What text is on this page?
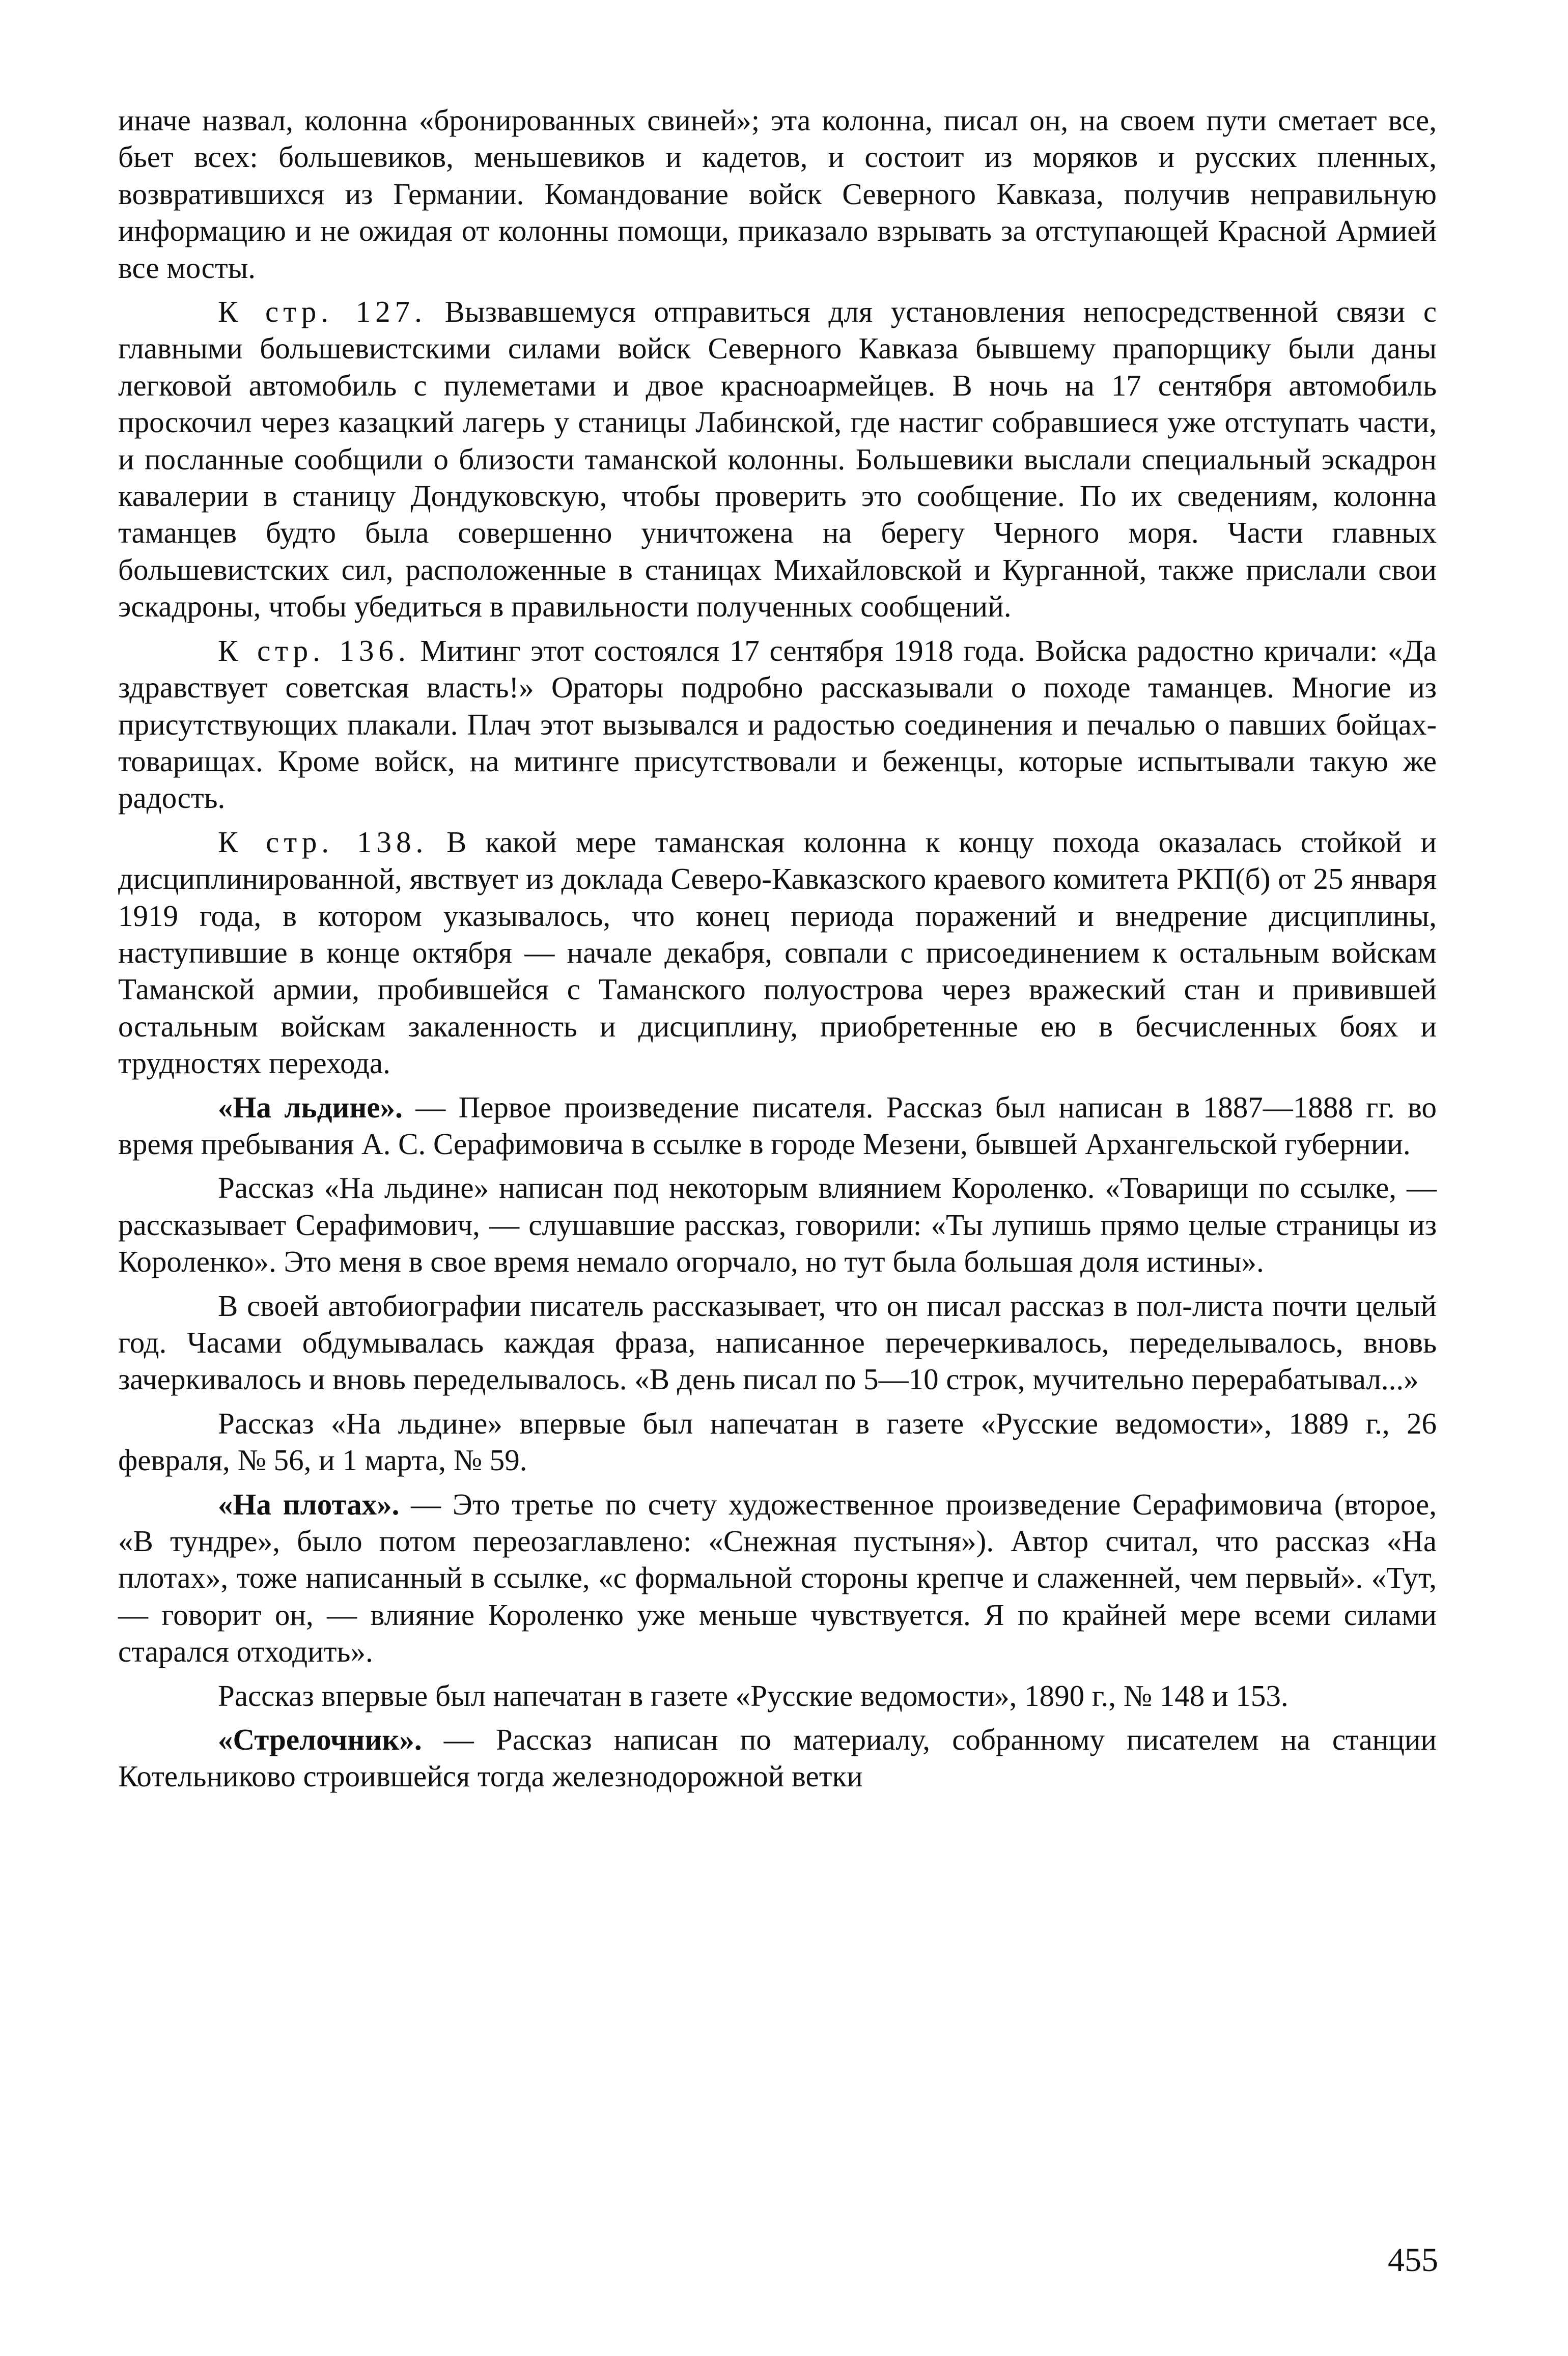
иначе назвал, колонна «бронированных свиней»; эта колонна, писал он, на своем пути сметает все, бьет всех: большевиков, меньшевиков и кадетов, и состоит из моряков и русских пленных, возвратившихся из Германии. Командование войск Северного Кавказа, получив неправильную информацию и не ожидая от колонны помощи, приказало взрывать за отступающей Красной Армией все мосты.

К стр. 127. Вызвавшемуся отправиться для установления непосредственной связи с главными большевистскими силами войск Северного Кавказа бывшему прапорщику были даны легковой автомобиль с пулеметами и двое красноармейцев. В ночь на 17 сентября автомобиль проскочил через казацкий лагерь у станицы Лабинской, где настиг собравшиеся уже отступать части, и посланные сообщили о близости таманской колонны. Большевики выслали специальный эскадрон кавалерии в станицу Дондуковскую, чтобы проверить это сообщение. По их сведениям, колонна таманцев будто была совершенно уничтожена на берегу Черного моря. Части главных большевистских сил, расположенные в станицах Михайловской и Курганной, также прислали свои эскадроны, чтобы убедиться в правильности полученных сообщений.

К стр. 136. Митинг этот состоялся 17 сентября 1918 года. Войска радостно кричали: «Да здравствует советская власть!» Ораторы подробно рассказывали о походе таманцев. Многие из присутствующих плакали. Плач этот вызывался и радостью соединения и печалью о павших бойцах-товарищах. Кроме войск, на митинге присутствовали и беженцы, которые испытывали такую же радость.

К стр. 138. В какой мере таманская колонна к концу похода оказалась стойкой и дисциплинированной, явствует из доклада Северо-Кавказского краевого комитета РКП(б) от 25 января 1919 года, в котором указывалось, что конец периода поражений и внедрение дисциплины, наступившие в конце октября — начале декабря, совпали с присоединением к остальным войскам Таманской армии, пробившейся с Таманского полуострова через вражеский стан и привившей остальным войскам закаленность и дисциплину, приобретенные ею в бесчисленных боях и трудностях перехода.

«На льдине». — Первое произведение писателя. Рассказ был написан в 1887—1888 гг. во время пребывания А. С. Серафимовича в ссылке в городе Мезени, бывшей Архангельской губернии.

Рассказ «На льдине» написан под некоторым влиянием Короленко. «Товарищи по ссылке, — рассказывает Серафимович, — слушавшие рассказ, говорили: «Ты лупишь прямо целые страницы из Короленко». Это меня в свое время немало огорчало, но тут была большая доля истины».

В своей автобиографии писатель рассказывает, что он писал рассказ в пол-листа почти целый год. Часами обдумывалась каждая фраза, написанное перечеркивалось, переделывалось, вновь зачеркивалось и вновь переделывалось. «В день писал по 5—10 строк, мучительно перерабатывал...»

Рассказ «На льдине» впервые был напечатан в газете «Русские ведомости», 1889 г., 26 февраля, № 56, и 1 марта, № 59.

«На плотах». — Это третье по счету художественное произведение Серафимовича (второе, «В тундре», было потом переозаглавлено: «Снежная пустыня»). Автор считал, что рассказ «На плотах», тоже написанный в ссылке, «с формальной стороны крепче и слаженней, чем первый». «Тут, — говорит он, — влияние Короленко уже меньше чувствуется. Я по крайней мере всеми силами старался отходить».

Рассказ впервые был напечатан в газете «Русские ведомости», 1890 г., № 148 и 153.

«Стрелочник». — Рассказ написан по материалу, собранному писателем на станции Котельниково строившейся тогда железнодорожной ветки

455
